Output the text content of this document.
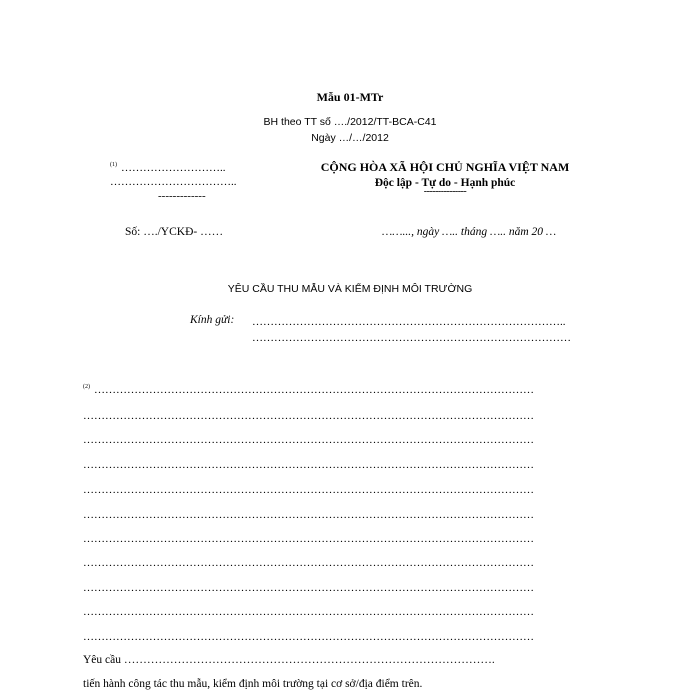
Mẫu 01-MTr
BH theo TT số …./2012/TT-BCA-C41
Ngày …/…/2012
$^{(1)}$ ………………………..
……………………………..
-------------
CỘNG HÒA XÃ HỘI CHỦ NGHĨA VIỆT NAM
Độc lập - Tự do - Hạnh phúc
---------------
Số: …./YCKĐ- ……	……..., ngày ….. tháng ….. năm 20 …
YÊU CẦU THU MẪU VÀ KIỂM ĐỊNH MÔI TRƯỜNG
Kính gửi: …………………………………………………………………………..
……………………………………………………………………………
$^{(2)}$ …………………………………………………………………………………………………………
……………………………………………………………………………………………………………
……………………………………………………………………………………………………………
……………………………………………………………………………………………………………
……………………………………………………………………………………………………………
……………………………………………………………………………………………………………
……………………………………………………………………………………………………………
……………………………………………………………………………………………………………
……………………………………………………………………………………………………………
……………………………………………………………………………………………………………
……………………………………………………………………………………………………………
Yêu cầu …………………………………………………………………………………….
tiến hành công tác thu mẫu, kiểm định môi trường tại cơ sở/địa điểm trên.
